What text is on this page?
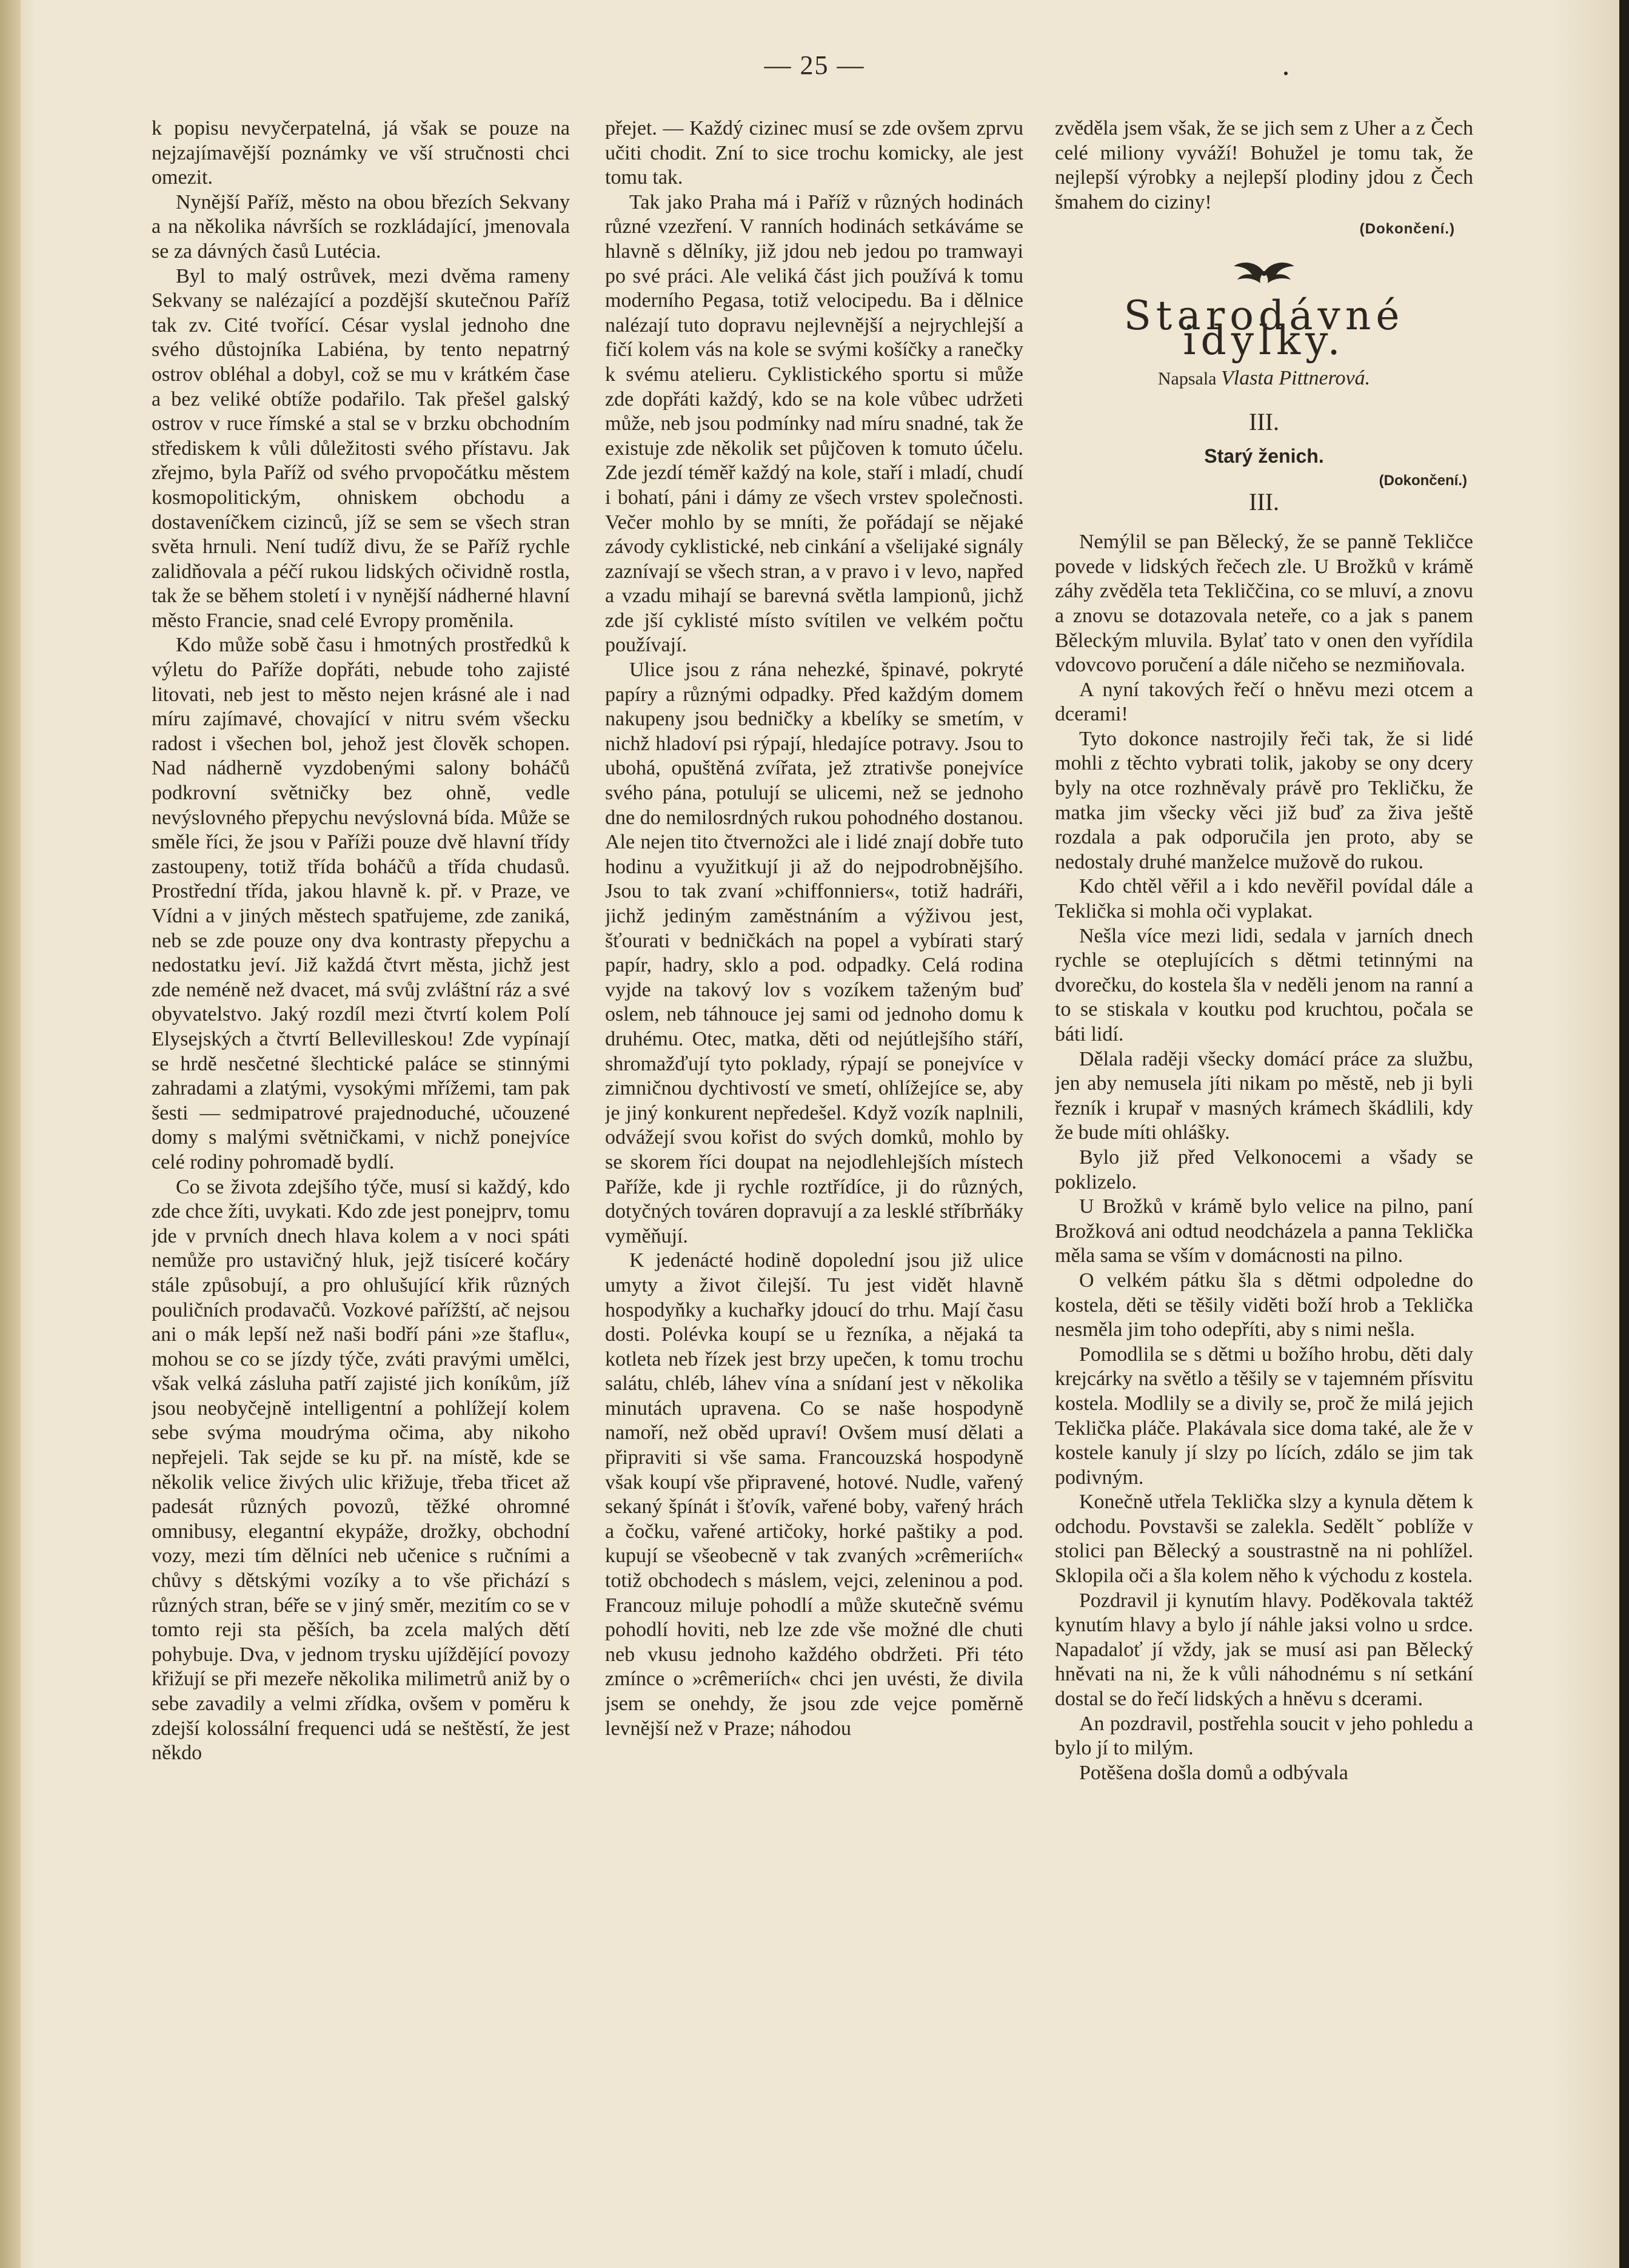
— 25 —

k popisu nevyčerpatelná, já však se pouze na nejzajímavější poznámky ve vší stručnosti chci omezit.

Nynější Paříž, město na obou březích Sekvany a na několika návrších se rozkládající, jmenovala se za dávných časů Lutécia.

Byl to malý ostrůvek, mezi dvěma rameny Sekvany se nalézající a pozdější skutečnou Paříž tak zv. Cité tvořící. César vyslal jednoho dne svého důstojníka Labiéna, by tento nepatrný ostrov obléhal a dobyl, což se mu v krátkém čase a bez veliké obtíže podařilo. Tak přešel galský ostrov v ruce římské a stal se v brzku obchodním střediskem k vůli důležitosti svého přístavu. Jak zřejmo, byla Paříž od svého prvopočátku městem kosmopolitickým, ohniskem obchodu a dostaveníčkem cizinců, jíž se sem se všech stran světa hrnuli. Není tudíž divu, že se Paříž rychle zalidňovala a péčí rukou lidských očividně rostla, tak že se během století i v nynější nádherné hlavní město Francie, snad celé Evropy proměnila.

Kdo může sobě času i hmotných prostředků k výletu do Paříže dopřáti, nebude toho zajisté litovati, neb jest to město nejen krásné ale i nad míru zajímavé, chovající v nitru svém všecku radost i všechen bol, jehož jest člověk schopen. Nad nádherně vyzdobenými salony boháčů podkrovní světničky bez ohně, vedle nevýslovného přepychu nevýslovná bída. Může se směle říci, že jsou v Paříži pouze dvě hlavní třídy zastoupeny, totiž třída boháčů a třída chudasů. Prostřední třída, jakou hlavně k. př. v Praze, ve Vídni a v jiných městech spatřujeme, zde zaniká, neb se zde pouze ony dva kontrasty přepychu a nedostatku jeví. Již každá čtvrt města, jichž jest zde neméně než dvacet, má svůj zvláštní ráz a své obyvatelstvo. Jaký rozdíl mezi čtvrtí kolem Polí Elysejských a čtvrtí Bellevilleskou! Zde vypínají se hrdě nesčetné šlechtické paláce se stinnými zahradami a zlatými, vysokými mřížemi, tam pak šesti — sedmipatrové prajednoduché, učouzené domy s malými světničkami, v nichž ponejvíce celé rodiny pohromadě bydlí.

Co se života zdejšího týče, musí si každý, kdo zde chce žíti, uvykati. Kdo zde jest ponejprv, tomu jde v prvních dnech hlava kolem a v noci spáti nemůže pro ustavičný hluk, jejž tisíceré kočáry stále způsobují, a pro ohlušující křik různých pouličních prodavačů. Vozkové pařížští, ač nejsou ani o mák lepší než naši bodří páni »ze štaflu«, mohou se co se jízdy týče, zváti pravými umělci, však velká zásluha patří zajisté jich koníkům, jíž jsou neobyčejně intelligentní a pohlížejí kolem sebe svýma moudrýma očima, aby nikoho nepřejeli. Tak sejde se ku př. na místě, kde se několik velice živých ulic křižuje, třeba třicet až padesát různých povozů, těžké ohromné omnibusy, elegantní ekypáže, drožky, obchodní vozy, mezi tím dělníci neb učenice s ručními a chůvy s dětskými vozíky a to vše přichází s různých stran, béře se v jiný směr, mezitím co se v tomto reji sta pěších, ba zcela malých dětí pohybuje. Dva, v jednom trysku ujíždějící povozy křižují se při mezeře několika milimetrů aniž by o sebe zavadily a velmi zřídka, ovšem v poměru k zdejší kolossální frequenci udá se neštěstí, že jest někdo

přejet. — Každý cizinec musí se zde ovšem zprvu učiti chodit. Zní to sice trochu komicky, ale jest tomu tak.

Tak jako Praha má i Paříž v různých hodinách různé vzezření. V ranních hodinách setkáváme se hlavně s dělníky, již jdou neb jedou po tramwayi po své práci. Ale veliká část jich používá k tomu moderního Pegasa, totiž velocipedu. Ba i dělnice nalézají tuto dopravu nejlevnější a nejrychlejší a fičí kolem vás na kole se svými košíčky a ranečky k svému atelieru. Cyklistického sportu si může zde dopřáti každý, kdo se na kole vůbec udržeti může, neb jsou podmínky nad míru snadné, tak že existuje zde několik set půjčoven k tomuto účelu. Zde jezdí téměř každý na kole, staří i mladí, chudí i bohatí, páni i dámy ze všech vrstev společnosti. Večer mohlo by se mníti, že pořádají se nějaké závody cyklistické, neb cinkání a všelijaké signály zaznívají se všech stran, a v pravo i v levo, napřed a vzadu mihají se barevná světla lampionů, jichž zde jší cyklisté místo svítilen ve velkém počtu používají.

Ulice jsou z rána nehezké, špinavé, pokryté papíry a různými odpadky. Před každým domem nakupeny jsou bedničky a kbelíky se smetím, v nichž hladoví psi rýpají, hledajíce potravy. Jsou to ubohá, opuštěná zvířata, jež ztrativše ponejvíce svého pána, potulují se ulicemi, než se jednoho dne do nemilosrdných rukou pohodného dostanou. Ale nejen tito čtvernožci ale i lidé znají dobře tuto hodinu a využitkují ji až do nejpodrobnějšího. Jsou to tak zvaní »chiffonniers«, totiž hadráři, jichž jediným zaměstnáním a výživou jest, šťourati v bedničkách na popel a vybírati starý papír, hadry, sklo a pod. odpadky. Celá rodina vyjde na takový lov s vozíkem taženým buď oslem, neb táhnouce jej sami od jednoho domu k druhému. Otec, matka, děti od nejútlejšího stáří, shromažďují tyto poklady, rýpají se ponejvíce v zimničnou dychtivostí ve smetí, ohlížejíce se, aby je jiný konkurent nepředešel. Když vozík naplnili, odvážejí svou kořist do svých domků, mohlo by se skorem říci doupat na nejodlehlejších místech Paříže, kde ji rychle roztřídíce, ji do různých, dotyčných továren dopravují a za lesklé stříbrňáky vyměňují.

K jedenácté hodině dopolední jsou již ulice umyty a život čilejší. Tu jest vidět hlavně hospodyňky a kuchařky jdoucí do trhu. Mají času dosti. Polévka koupí se u řezníka, a nějaká ta kotleta neb řízek jest brzy upečen, k tomu trochu salátu, chléb, láhev vína a snídaní jest v několika minutách upravena. Co se naše hospodyně namoří, než oběd upraví! Ovšem musí dělati a připraviti si vše sama. Francouzská hospodyně však koupí vše připravené, hotové. Nudle, vařený sekaný špínát i šťovík, vařené boby, vařený hrách a čočku, vařené artičoky, horké paštiky a pod. kupují se všeobecně v tak zvaných »crêmeriích« totiž obchodech s máslem, vejci, zeleninou a pod. Francouz miluje pohodlí a může skutečně svému pohodlí hoviti, neb lze zde vše možné dle chuti neb vkusu jednoho každého obdržeti. Při této zmínce o »crêmeriích« chci jen uvésti, že divila jsem se onehdy, že jsou zde vejce poměrně levnější než v Praze; náhodou

zvěděla jsem však, že se jich sem z Uher a z Čech celé miliony vyváží! Bohužel je tomu tak, že nejlepší výrobky a nejlepší plodiny jdou z Čech šmahem do ciziny!

(Dokončení.)
Starodávné idylky.
Napsala Vlasta Pittnerová.
III.
Starý ženich.
(Dokončení.)
III.

Nemýlil se pan Bělecký, že se panně Tekličce povede v lidských řečech zle. U Brožků v krámě záhy zvěděla teta Tekliččina, co se mluví, a znovu a znovu se dotazovala neteře, co a jak s panem Běleckým mluvila. Bylať tato v onen den vyřídila vdovcovo poručení a dále ničeho se nezmiňovala.

A nyní takových řečí o hněvu mezi otcem a dcerami!

Tyto dokonce nastrojily řeči tak, že si lidé mohli z těchto vybrati tolik, jakoby se ony dcery byly na otce rozhněvaly právě pro Tekličku, že matka jim všecky věci již buď za živa ještě rozdala a pak odporučila jen proto, aby se nedostaly druhé manželce mužově do rukou.

Kdo chtěl věřil a i kdo nevěřil povídal dále a Teklička si mohla oči vyplakat.

Nešla více mezi lidi, sedala v jarních dnech rychle se oteplujících s dětmi tetinnými na dvorečku, do kostela šla v neděli jenom na ranní a to se stiskala v koutku pod kruchtou, počala se báti lidí.

Dělala raději všecky domácí práce za službu, jen aby nemusela jíti nikam po městě, neb ji byli řezník i krupař v masných krámech škádlili, kdy že bude míti ohlášky.

Bylo již před Velkonocemi a všady se poklizelo.

U Brožků v krámě bylo velice na pilno, paní Brožková ani odtud neodcházela a panna Teklička měla sama se vším v domácnosti na pilno.

O velkém pátku šla s dětmi odpoledne do kostela, děti se těšily viděti boží hrob a Teklička nesměla jim toho odepříti, aby s nimi nešla.

Pomodlila se s dětmi u božího hrobu, děti daly krejcárky na světlo a těšily se v tajemném přísvitu kostela. Modlily se a divily se, proč že milá jejich Teklička pláče. Plakávala sice doma také, ale že v kostele kanuly jí slzy po lících, zdálo se jim tak podivným.

Konečně utřela Teklička slzy a kynula dětem k odchodu. Povstavši se zalekla. Seděltˇ poblíže v stolici pan Bělecký a soustrastně na ni pohlížel. Sklopila oči a šla kolem něho k východu z kostela.

Pozdravil ji kynutím hlavy. Poděkovala taktéž kynutím hlavy a bylo jí náhle jaksi volno u srdce. Napadaloť jí vždy, jak se musí asi pan Bělecký hněvati na ni, že k vůli náhodnému s ní setkání dostal se do řečí lidských a hněvu s dcerami.

An pozdravil, postřehla soucit v jeho pohledu a bylo jí to milým.

Potěšena došla domů a odbývala
